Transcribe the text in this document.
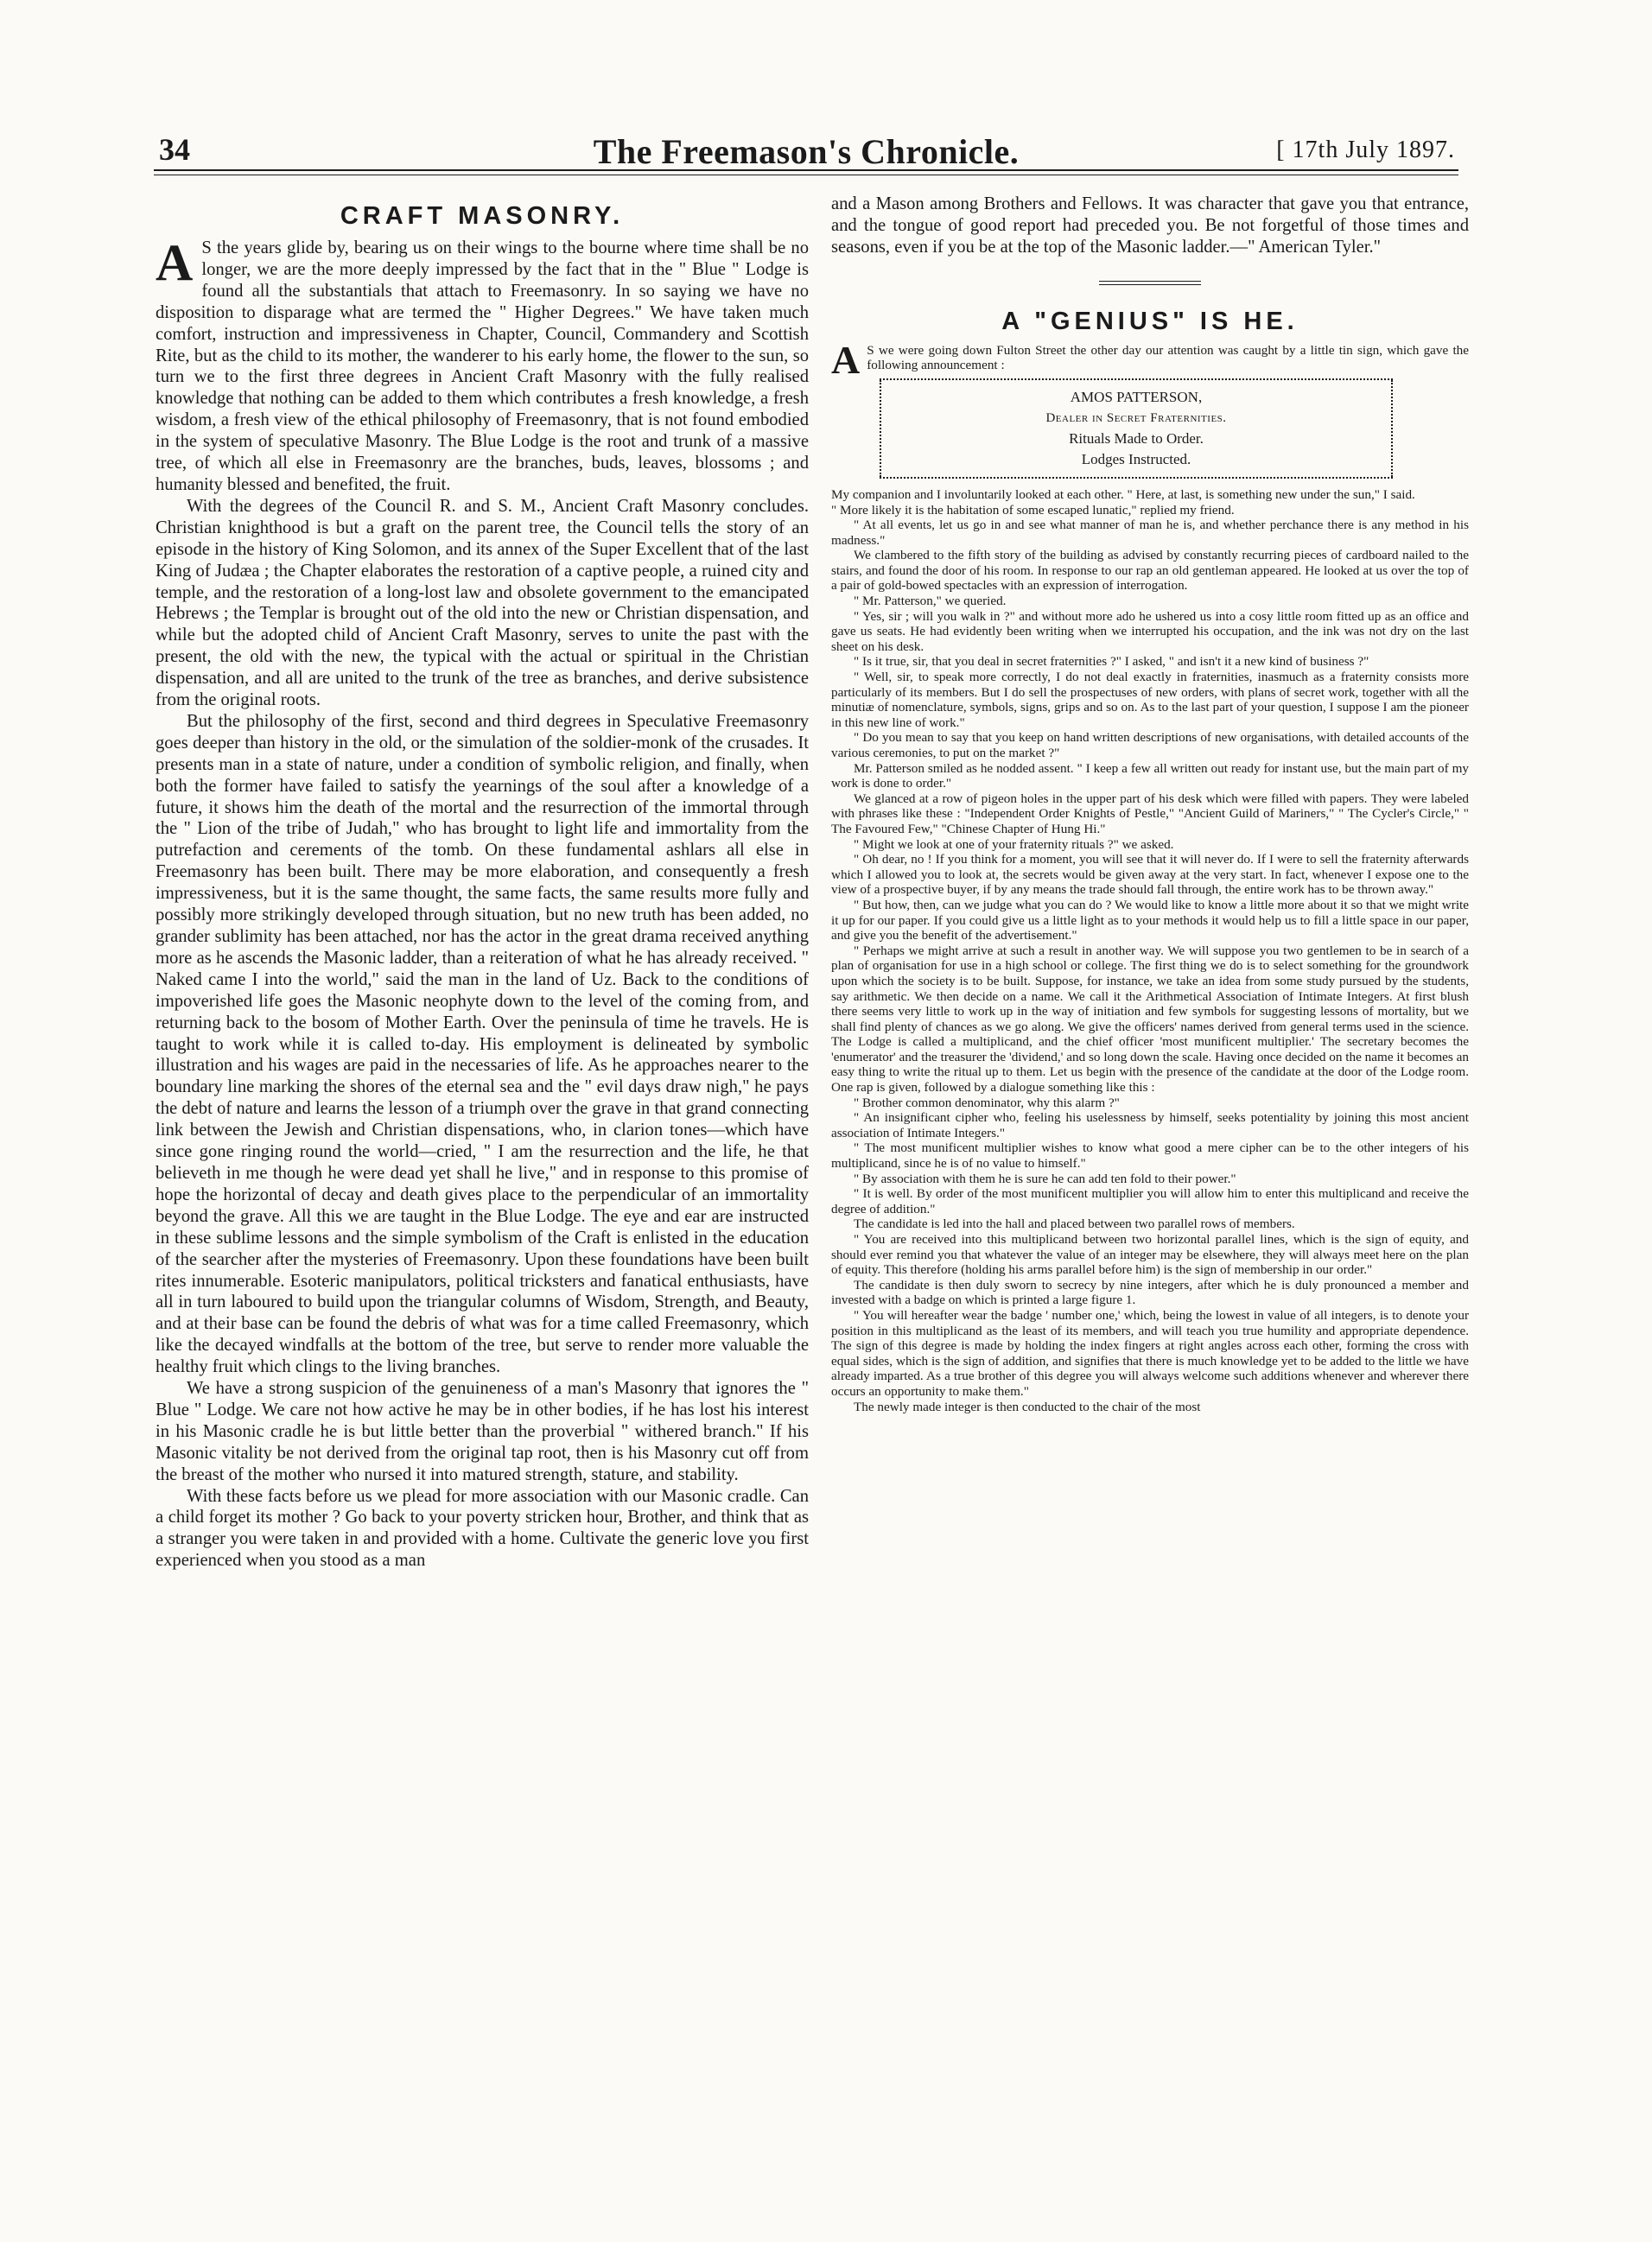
34	The Freemason's Chronicle.	[ 17th July 1897.
CRAFT MASONRY.

A S the years glide by, bearing us on their wings to the bourne where time shall be no longer, we are the more deeply impressed by the fact that in the " Blue " Lodge is found all the substantials that attach to Freemasonry. In so saying we have no disposition to disparage what are termed the " Higher Degrees." We have taken much comfort, instruction and impressiveness in Chapter, Council, Commandery and Scottish Rite, but as the child to its mother, the wanderer to his early home, the flower to the sun, so turn we to the first three degrees in Ancient Craft Masonry with the fully realised knowledge that nothing can be added to them which contributes a fresh knowledge, a fresh wisdom, a fresh view of the ethical philosophy of Freemasonry, that is not found embodied in the system of speculative Masonry. The Blue Lodge is the root and trunk of a massive tree, of which all else in Freemasonry are the branches, buds, leaves, blossoms ; and humanity blessed and benefited, the fruit.

With the degrees of the Council R. and S. M., Ancient Craft Masonry concludes. Christian knighthood is but a graft on the parent tree, the Council tells the story of an episode in the history of King Solomon, and its annex of the Super Excellent that of the last King of Judæa ; the Chapter elaborates the restoration of a captive people, a ruined city and temple, and the restoration of a long-lost law and obsolete government to the emancipated Hebrews ; the Templar is brought out of the old into the new or Christian dispensation, and while but the adopted child of Ancient Craft Masonry, serves to unite the past with the present, the old with the new, the typical with the actual or spiritual in the Christian dispensation, and all are united to the trunk of the tree as branches, and derive subsistence from the original roots.

But the philosophy of the first, second and third degrees in Speculative Freemasonry goes deeper than history in the old, or the simulation of the soldier-monk of the crusades. It presents man in a state of nature, under a condition of symbolic religion, and finally, when both the former have failed to satisfy the yearnings of the soul after a knowledge of a future, it shows him the death of the mortal and the resurrection of the immortal through the " Lion of the tribe of Judah," who has brought to light life and immortality from the putrefaction and cerements of the tomb. On these fundamental ashlars all else in Freemasonry has been built. There may be more elaboration, and consequently a fresh impressiveness, but it is the same thought, the same facts, the same results more fully and possibly more strikingly developed through situation, but no new truth has been added, no grander sublimity has been attached, nor has the actor in the great drama received anything more as he ascends the Masonic ladder, than a reiteration of what he has already received. " Naked came I into the world," said the man in the land of Uz. Back to the conditions of impoverished life goes the Masonic neophyte down to the level of the coming from, and returning back to the bosom of Mother Earth. Over the peninsula of time he travels. He is taught to work while it is called to-day. His employment is delineated by symbolic illustration and his wages are paid in the necessaries of life. As he approaches nearer to the boundary line marking the shores of the eternal sea and the " evil days draw nigh," he pays the debt of nature and learns the lesson of a triumph over the grave in that grand connecting link between the Jewish and Christian dispensations, who, in clarion tones—which have since gone ringing round the world—cried, " I am the resurrection and the life, he that believeth in me though he were dead yet shall he live," and in response to this promise of hope the horizontal of decay and death gives place to the perpendicular of an immortality beyond the grave. All this we are taught in the Blue Lodge. The eye and ear are instructed in these sublime lessons and the simple symbolism of the Craft is enlisted in the education of the searcher after the mysteries of Freemasonry. Upon these foundations have been built rites innumerable. Esoteric manipulators, political tricksters and fanatical enthusiasts, have all in turn laboured to build upon the triangular columns of Wisdom, Strength, and Beauty, and at their base can be found the debris of what was for a time called Freemasonry, which like the decayed windfalls at the bottom of the tree, but serve to render more valuable the healthy fruit which clings to the living branches.

We have a strong suspicion of the genuineness of a man's Masonry that ignores the " Blue " Lodge. We care not how active he may be in other bodies, if he has lost his interest in his Masonic cradle he is but little better than the proverbial " withered branch." If his Masonic vitality be not derived from the original tap root, then is his Masonry cut off from the breast of the mother who nursed it into matured strength, stature, and stability.

With these facts before us we plead for more association with our Masonic cradle. Can a child forget its mother ? Go back to your poverty stricken hour, Brother, and think that as a stranger you were taken in and provided with a home. Cultivate the generic love you first experienced when you stood as a man

and a Mason among Brothers and Fellows. It was character that gave you that entrance, and the tongue of good report had preceded you. Be not forgetful of those times and seasons, even if you be at the top of the Masonic ladder.—" American Tyler."

A "GENIUS" IS HE.

A S we were going down Fulton Street the other day our attention was caught by a little tin sign, which gave the following announcement :

AMOS PATTERSON,
Dealer in Secret Fraternities.
Rituals Made to Order.
Lodges Instructed.

My companion and I involuntarily looked at each other. " Here, at last, is something new under the sun," I said.

" More likely it is the habitation of some escaped lunatic," replied my friend.

" At all events, let us go in and see what manner of man he is, and whether perchance there is any method in his madness."

We clambered to the fifth story of the building as advised by constantly recurring pieces of cardboard nailed to the stairs, and found the door of his room. In response to our rap an old gentleman appeared. He looked at us over the top of a pair of gold-bowed spectacles with an expression of interrogation.

" Mr. Patterson," we queried.

" Yes, sir ; will you walk in ?" and without more ado he ushered us into a cosy little room fitted up as an office and gave us seats. He had evidently been writing when we interrupted his occupation, and the ink was not dry on the last sheet on his desk.

" Is it true, sir, that you deal in secret fraternities ?" I asked, " and isn't it a new kind of business ?"

" Well, sir, to speak more correctly, I do not deal exactly in fraternities, inasmuch as a fraternity consists more particularly of its members. But I do sell the prospectuses of new orders, with plans of secret work, together with all the minutiæ of nomenclature, symbols, signs, grips and so on. As to the last part of your question, I suppose I am the pioneer in this new line of work."

" Do you mean to say that you keep on hand written descriptions of new organisations, with detailed accounts of the various ceremonies, to put on the market ?"

Mr. Patterson smiled as he nodded assent. " I keep a few all written out ready for instant use, but the main part of my work is done to order."

We glanced at a row of pigeon holes in the upper part of his desk which were filled with papers. They were labeled with phrases like these : "Independent Order Knights of Pestle," "Ancient Guild of Mariners," " The Cycler's Circle," " The Favoured Few," "Chinese Chapter of Hung Hi."

" Might we look at one of your fraternity rituals ?" we asked.

" Oh dear, no ! If you think for a moment, you will see that it will never do. If I were to sell the fraternity afterwards which I allowed you to look at, the secrets would be given away at the very start. In fact, whenever I expose one to the view of a prospective buyer, if by any means the trade should fall through, the entire work has to be thrown away."

" But how, then, can we judge what you can do ? We would like to know a little more about it so that we might write it up for our paper. If you could give us a little light as to your methods it would help us to fill a little space in our paper, and give you the benefit of the advertisement."

" Perhaps we might arrive at such a result in another way. We will suppose you two gentlemen to be in search of a plan of organisation for use in a high school or college. The first thing we do is to select something for the groundwork upon which the society is to be built. Suppose, for instance, we take an idea from some study pursued by the students, say arithmetic. We then decide on a name. We call it the Arithmetical Association of Intimate Integers. At first blush there seems very little to work up in the way of initiation and few symbols for suggesting lessons of mortality, but we shall find plenty of chances as we go along. We give the officers' names derived from general terms used in the science. The Lodge is called a multiplicand, and the chief officer 'most munificent multiplier.' The secretary becomes the 'enumerator' and the treasurer the 'dividend,' and so long down the scale. Having once decided on the name it becomes an easy thing to write the ritual up to them. Let us begin with the presence of the candidate at the door of the Lodge room. One rap is given, followed by a dialogue something like this :

" Brother common denominator, why this alarm ?"

" An insignificant cipher who, feeling his uselessness by himself, seeks potentiality by joining this most ancient association of Intimate Integers."

" The most munificent multiplier wishes to know what good a mere cipher can be to the other integers of his multiplicand, since he is of no value to himself."

" By association with them he is sure he can add ten fold to their power."

" It is well. By order of the most munificent multiplier you will allow him to enter this multiplicand and receive the degree of addition."

The candidate is led into the hall and placed between two parallel rows of members.

" You are received into this multiplicand between two horizontal parallel lines, which is the sign of equity, and should ever remind you that whatever the value of an integer may be elsewhere, they will always meet here on the plan of equity. This therefore (holding his arms parallel before him) is the sign of membership in our order."

The candidate is then duly sworn to secrecy by nine integers, after which he is duly pronounced a member and invested with a badge on which is printed a large figure 1.

" You will hereafter wear the badge ' number one,' which, being the lowest in value of all integers, is to denote your position in this multiplicand as the least of its members, and will teach you true humility and appropriate dependence. The sign of this degree is made by holding the index fingers at right angles across each other, forming the cross with equal sides, which is the sign of addition, and signifies that there is much knowledge yet to be added to the little we have already imparted. As a true brother of this degree you will always welcome such additions whenever and wherever there occurs an opportunity to make them."

The newly made integer is then conducted to the chair of the most
